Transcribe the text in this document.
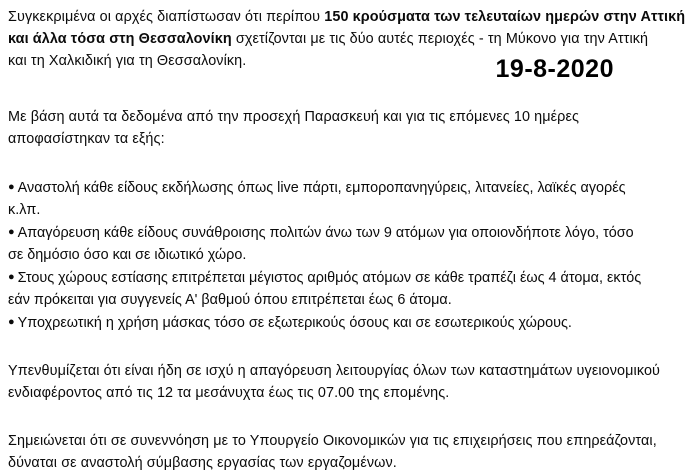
19-8-2020
Συγκεκριμένα οι αρχές διαπίστωσαν ότι περίπου 150 κρούσματα των τελευταίων ημερών στην Αττική
και άλλα τόσα στη Θεσσαλονίκη σχετίζονται με τις δύο αυτές περιοχές - τη Μύκονο για την Αττική
και τη Χαλκιδική για τη Θεσσαλονίκη.
Με βάση αυτά τα δεδομένα από την προσεχή Παρασκευή και για τις επόμενες 10 ημέρες
αποφασίστηκαν τα εξής:

● Αναστολή κάθε είδους εκδήλωσης όπως live πάρτι, εμποροπανηγύρεις, λιτανείες, λαϊκές αγορές

κ.λπ.

● Απαγόρευση κάθε είδους συνάθροισης πολιτών άνω των 9 ατόμων για οποιονδήποτε λόγο, τόσο

σε δημόσιο όσο και σε ιδιωτικό χώρο.

● Στους χώρους εστίασης επιτρέπεται μέγιστος αριθμός ατόμων σε κάθε τραπέζι έως 4 άτομα, εκτός

εάν πρόκειται για συγγενείς Α' βαθμού όπου επιτρέπεται έως 6 άτομα.

● Υποχρεωτική η χρήση μάσκας τόσο σε εξωτερικούς όσους και σε εσωτερικούς χώρους.

Υπενθυμίζεται ότι είναι ήδη σε ισχύ η απαγόρευση λειτουργίας όλων των καταστημάτων υγειονομικού
ενδιαφέροντος από τις 12 τα μεσάνυχτα έως τις 07.00 της επομένης.
Σημειώνεται ότι σε συνεννόηση με το Υπουργείο Οικονομικών για τις επιχειρήσεις που επηρεάζονται,
δύναται σε αναστολή σύμβασης εργασίας των εργαζομένων.
